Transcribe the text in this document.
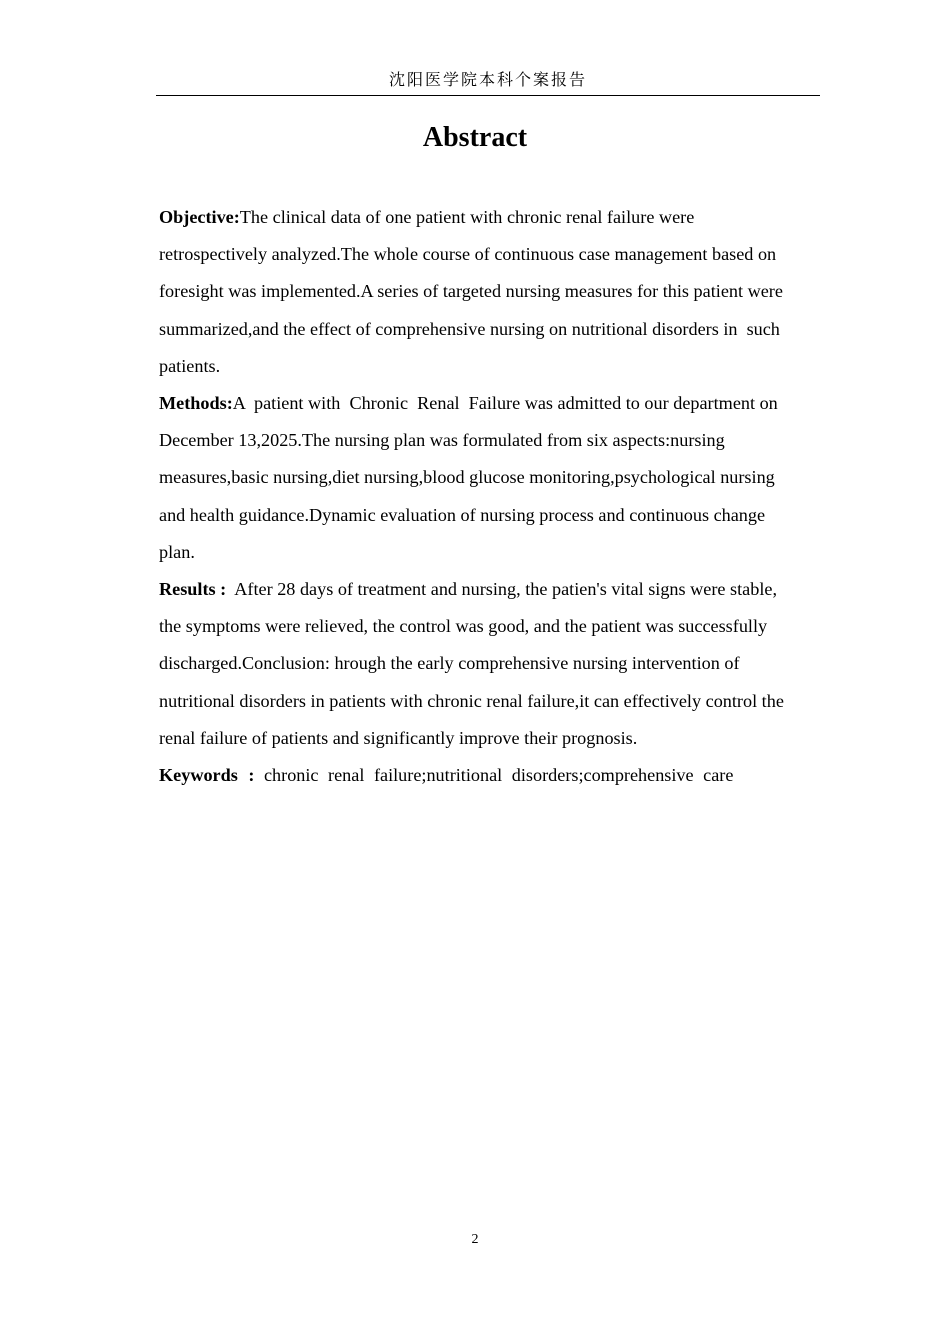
沈阳医学院本科个案报告
Abstract

Objective:The clinical data of one patient with chronic renal failure were retrospectively analyzed.The whole course of continuous case management based on foresight was implemented.A series of targeted nursing measures for this patient were summarized,and the effect of comprehensive nursing on nutritional disorders in  such  patients.

Methods:A  patient with  Chronic  Renal  Failure was admitted to our department on December 13,2025.The nursing plan was formulated from six aspects:nursing measures,basic nursing,diet nursing,blood glucose monitoring,psychological nursing and health guidance.Dynamic evaluation of nursing process and continuous change plan.

Results :  After 28 days of treatment and nursing, the patien's vital signs were stable, the symptoms were relieved, the control was good, and the patient was successfully discharged.Conclusion: hrough the early comprehensive nursing intervention of nutritional disorders in patients with chronic renal failure,it can effectively control the renal failure of patients and significantly improve their prognosis.

Keywords : chronic renal failure;nutritional disorders;comprehensive care

2
